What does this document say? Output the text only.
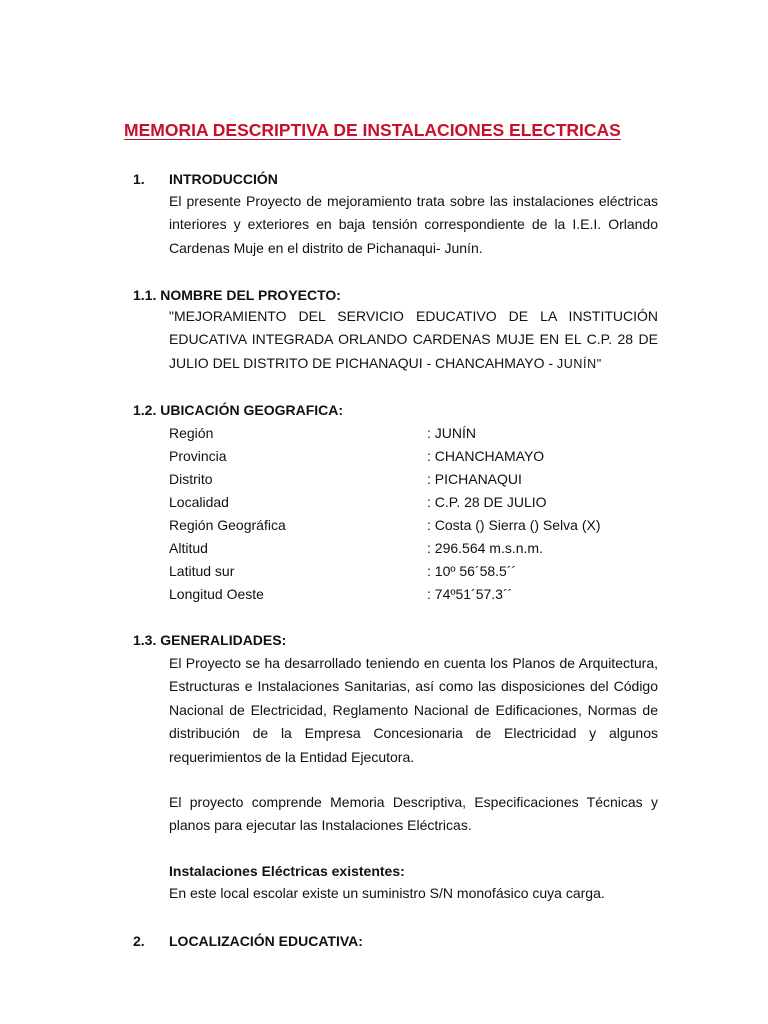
MEMORIA DESCRIPTIVA DE INSTALACIONES ELECTRICAS
1. INTRODUCCIÓN
El presente Proyecto de mejoramiento trata sobre las instalaciones eléctricas interiores y exteriores en baja tensión correspondiente de la I.E.I. Orlando Cardenas Muje en el distrito de Pichanaqui- Junín.
1.1. NOMBRE DEL PROYECTO:
"MEJORAMIENTO DEL SERVICIO EDUCATIVO DE LA INSTITUCIÓN EDUCATIVA INTEGRADA ORLANDO CARDENAS MUJE EN EL C.P. 28 DE JULIO DEL DISTRITO DE PICHANAQUI - CHANCAHMAYO - JUNÍN"
1.2. UBICACIÓN GEOGRAFICA:
Región	: JUNÍN
Provincia	: CHANCHAMAYO
Distrito	: PICHANAQUI
Localidad	: C.P. 28 DE JULIO
Región Geográfica	: Costa () Sierra () Selva (X)
Altitud	: 296.564 m.s.n.m.
Latitud sur	: 10º 56´58.5´´
Longitud Oeste	: 74º51´57.3´´
1.3. GENERALIDADES:
El Proyecto se ha desarrollado teniendo en cuenta los Planos de Arquitectura, Estructuras e Instalaciones Sanitarias, así como las disposiciones del Código Nacional de Electricidad, Reglamento Nacional de Edificaciones, Normas de distribución de la Empresa Concesionaria de Electricidad y algunos requerimientos de la Entidad Ejecutora.
El proyecto comprende Memoria Descriptiva, Especificaciones Técnicas y planos para ejecutar las Instalaciones Eléctricas.
Instalaciones Eléctricas existentes:
En este local escolar existe un suministro S/N monofásico cuya carga.
2. LOCALIZACIÓN EDUCATIVA:
